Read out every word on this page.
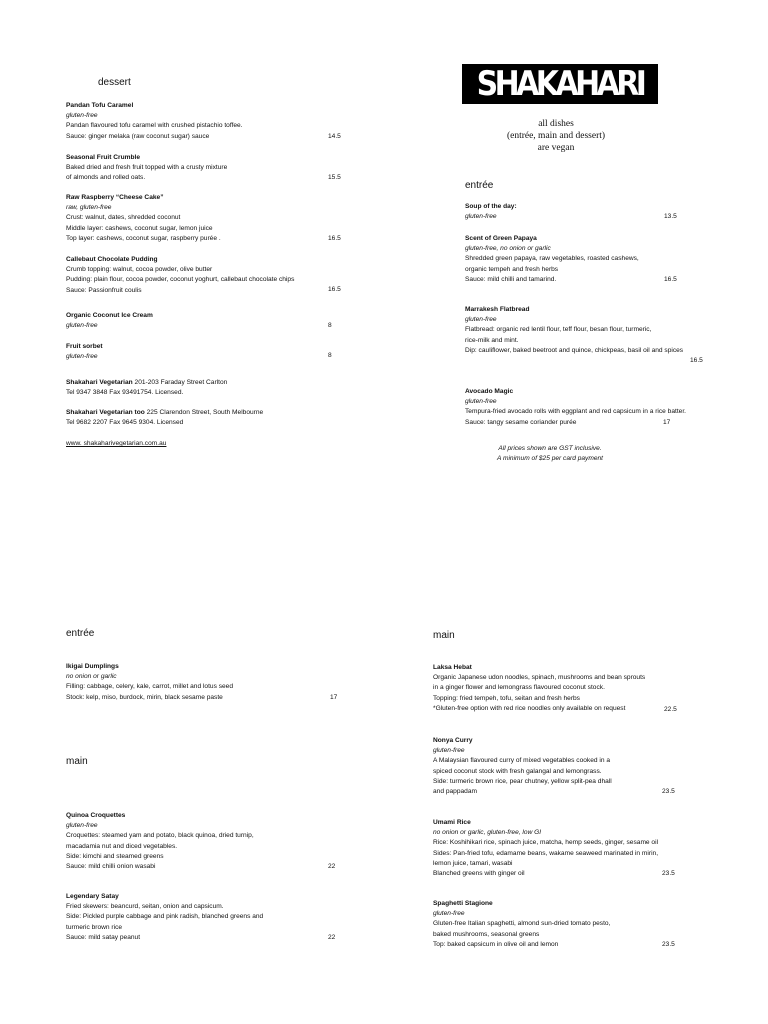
dessert
Pandan Tofu Caramel
gluten-free
Pandan flavoured tofu caramel with crushed pistachio toffee.
Sauce: ginger melaka (raw coconut sugar) sauce	14.5
Seasonal Fruit Crumble
Baked dried and fresh fruit topped with a crusty mixture
of almonds and rolled oats.	15.5
Raw Raspberry “Cheese Cake”
raw, gluten-free
Crust: walnut, dates, shredded coconut
Middle layer: cashews, coconut sugar, lemon juice
Top layer: cashews, coconut sugar, raspberry purée .	16.5
Callebaut Chocolate Pudding
Crumb topping: walnut, cocoa powder, olive butter
Pudding: plain flour, cocoa powder, coconut yoghurt, callebaut chocolate chips
Sauce: Passionfruit coulis	16.5
Organic Coconut Ice Cream
gluten-free	8
Fruit sorbet
gluten-free	8
Shakahari Vegetarian 201-203 Faraday Street Carlton
Tel 9347 3848 Fax 93491754. Licensed.
Shakahari Vegetarian too 225 Clarendon Street, South Melbourne
Tel 9682 2207 Fax 9645 9304. Licensed
www. shakaharivegetarian.com.au
SHAKAHARI
all dishes
(entrée, main and dessert)
are vegan
entrée
Soup of the day:
gluten-free	13.5
Scent of Green Papaya
gluten-free, no onion or garlic
Shredded green papaya, raw vegetables, roasted cashews,
organic tempeh and fresh herbs
Sauce: mild chilli and tamarind.	16.5
Marrakesh Flatbread
gluten-free
Flatbread: organic red lentil flour, teff flour, besan flour, turmeric,
rice-milk and mint.
Dip: cauliflower, baked beetroot and quince, chickpeas, basil oil and spices
16.5
Avocado Magic
gluten-free
Tempura-fried avocado rolls with eggplant and red capsicum in a rice batter.
Sauce: tangy sesame coriander purée	17
All prices shown are GST inclusive.
A minimum of $25 per card payment
entrée
Ikigai Dumplings
no onion or garlic
Filling: cabbage, celery, kale, carrot, millet and lotus seed
Stock: kelp, miso, burdock, mirin, black sesame paste	17
main
Quinoa Croquettes
gluten-free
Croquettes: steamed yam and potato, black quinoa, dried turnip,
macadamia nut and diced vegetables.
Side: kimchi and steamed greens
Sauce: mild chilli onion wasabi	22
Legendary Satay
Fried skewers: beancurd, seitan, onion and capsicum.
Side: Pickled purple cabbage and pink radish, blanched greens and
turmeric brown rice
Sauce: mild satay peanut	22
main
Laksa Hebat
Organic Japanese udon noodles, spinach, mushrooms and bean sprouts
in a ginger flower and lemongrass flavoured coconut stock.
Topping: fried tempeh, tofu, seitan and fresh herbs
*Gluten-free option with red rice noodles only available on request	22.5
Nonya Curry
gluten-free
A Malaysian flavoured curry of mixed vegetables cooked in a
spiced coconut stock with fresh galangal and lemongrass.
Side: turmeric brown rice, pear chutney, yellow split-pea dhall
and pappadam	23.5
Umami Rice
no onion or garlic, gluten-free, low GI
Rice: Koshihikari rice, spinach juice, matcha, hemp seeds, ginger, sesame oil
Sides: Pan-fried tofu, edamame beans, wakame seaweed marinated in mirin,
lemon juice, tamari, wasabi
Blanched greens with ginger oil	23.5
Spaghetti Stagione
gluten-free
Gluten-free Italian spaghetti, almond sun-dried tomato pesto,
baked mushrooms, seasonal greens
Top: baked capsicum in olive oil and lemon	23.5
